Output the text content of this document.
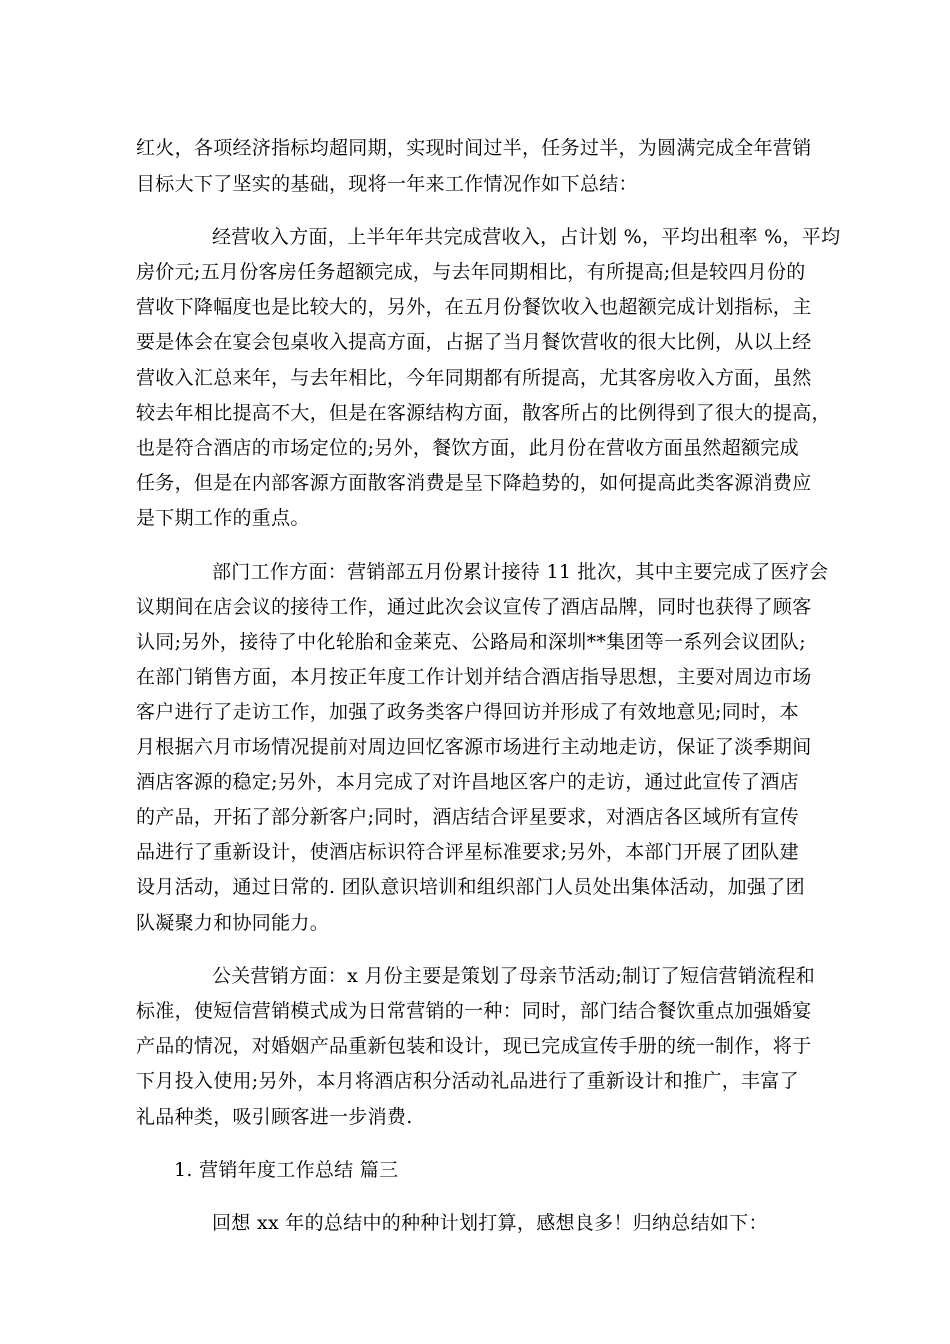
红火，各项经济指标均超同期，实现时间过半，任务过半，为圆满完成全年营销
目标大下了坚实的基础，现将一年来工作情况作如下总结：
经营收入方面，上半年年共完成营收入，占计划 %，平均出租率 %，平均
房价元;五月份客房任务超额完成，与去年同期相比，有所提高;但是较四月份的
营收下降幅度也是比较大的，另外，在五月份餐饮收入也超额完成计划指标，主
要是体会在宴会包桌收入提高方面，占据了当月餐饮营收的很大比例，从以上经
营收入汇总来年，与去年相比，今年同期都有所提高，尤其客房收入方面，虽然
较去年相比提高不大，但是在客源结构方面，散客所占的比例得到了很大的提高，
也是符合酒店的市场定位的;另外，餐饮方面，此月份在营收方面虽然超额完成
任务，但是在内部客源方面散客消费是呈下降趋势的，如何提高此类客源消费应
是下期工作的重点。
部门工作方面：营销部五月份累计接待 11 批次，其中主要完成了医疗会
议期间在店会议的接待工作，通过此次会议宣传了酒店品牌，同时也获得了顾客
认同;另外，接待了中化轮胎和金莱克、公路局和深圳**集团等一系列会议团队;
在部门销售方面，本月按正年度工作计划并结合酒店指导思想，主要对周边市场
客户进行了走访工作，加强了政务类客户得回访并形成了有效地意见;同时，本
月根据六月市场情况提前对周边回忆客源市场进行主动地走访，保证了淡季期间
酒店客源的稳定;另外，本月完成了对许昌地区客户的走访，通过此宣传了酒店
的产品，开拓了部分新客户;同时，酒店结合评星要求，对酒店各区域所有宣传
品进行了重新设计，使酒店标识符合评星标准要求;另外，本部门开展了团队建
设月活动，通过日常的. 团队意识培训和组织部门人员处出集体活动，加强了团
队凝聚力和协同能力。
公关营销方面：x 月份主要是策划了母亲节活动;制订了短信营销流程和
标准，使短信营销模式成为日常营销的一种：同时，部门结合餐饮重点加强婚宴
产品的情况，对婚姻产品重新包装和设计，现已完成宣传手册的统一制作，将于
下月投入使用;另外，本月将酒店积分活动礼品进行了重新设计和推广，丰富了
礼品种类，吸引顾客进一步消费.
1. 营销年度工作总结 篇三
回想 xx 年的总结中的种种计划打算，感想良多！归纳总结如下：
